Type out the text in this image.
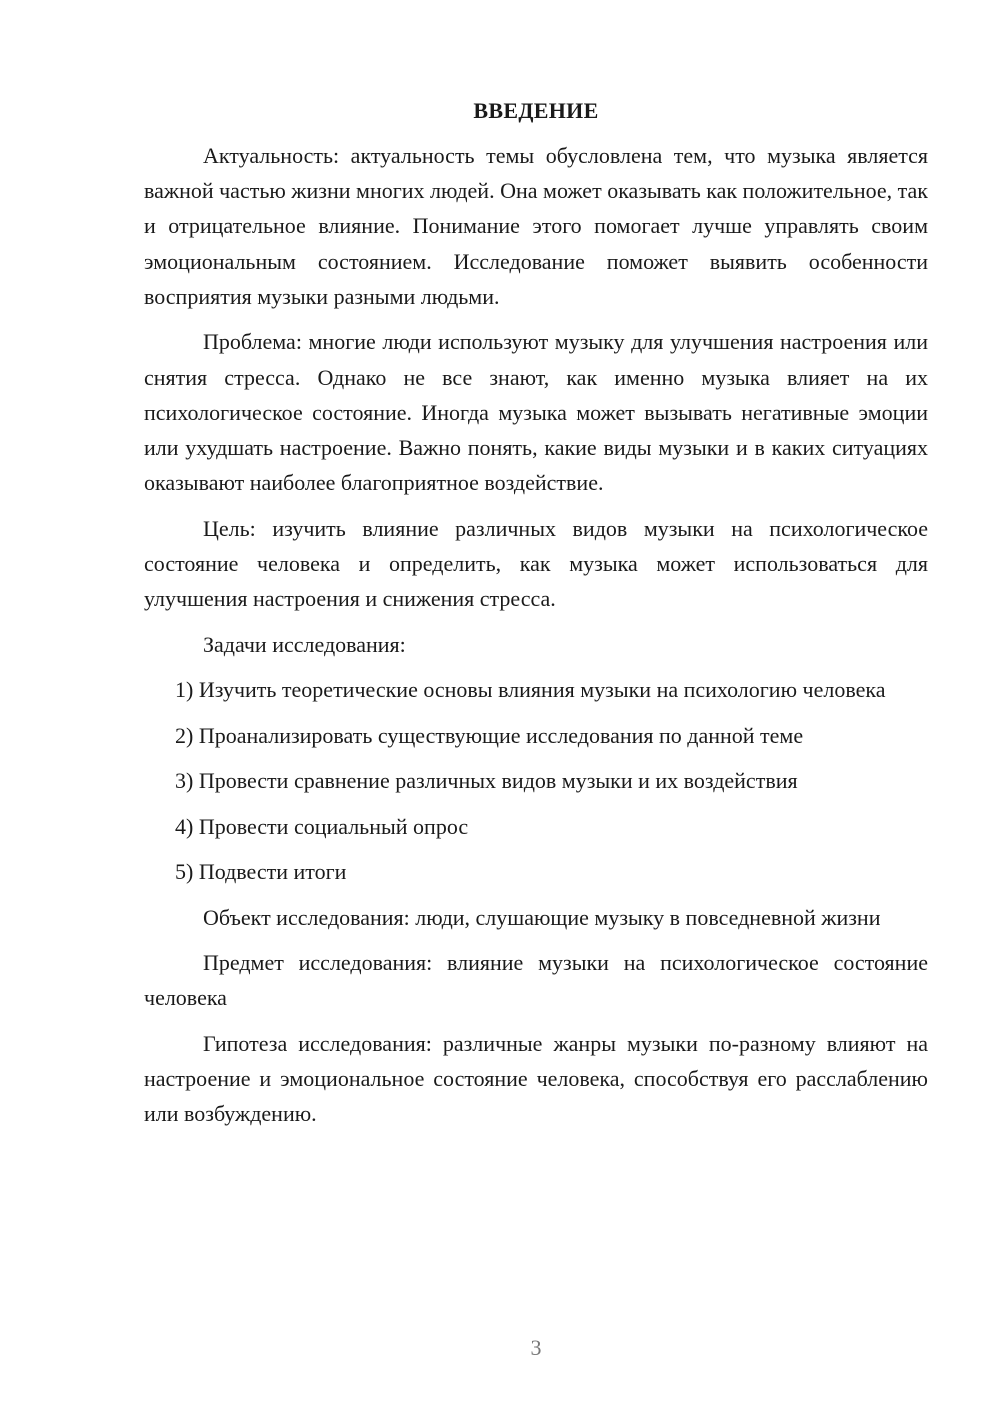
ВВЕДЕНИЕ

Актуальность: актуальность темы обусловлена тем, что музыка является важной частью жизни многих людей. Она может оказывать как положительное, так и отрицательное влияние. Понимание этого помогает лучше управлять своим эмоциональным состоянием. Исследование поможет выявить особенности восприятия музыки разными людьми.

Проблема: многие люди используют музыку для улучшения настроения или снятия стресса. Однако не все знают, как именно музыка влияет на их психологическое состояние. Иногда музыка может вызывать негативные эмоции или ухудшать настроение. Важно понять, какие виды музыки и в каких ситуациях оказывают наиболее благоприятное воздействие.

Цель: изучить влияние различных видов музыки на психологическое состояние человека и определить, как музыка может использоваться для улучшения настроения и снижения стресса.

Задачи исследования:

1) Изучить теоретические основы влияния музыки на психологию человека

2) Проанализировать существующие исследования по данной теме

3) Провести сравнение различных видов музыки и их воздействия

4) Провести социальный опрос

5) Подвести итоги

Объект исследования: люди, слушающие музыку в повседневной жизни

Предмет исследования: влияние музыки на психологическое состояние человека

Гипотеза исследования: различные жанры музыки по-разному влияют на настроение и эмоциональное состояние человека, способствуя его расслаблению или возбуждению.

3
